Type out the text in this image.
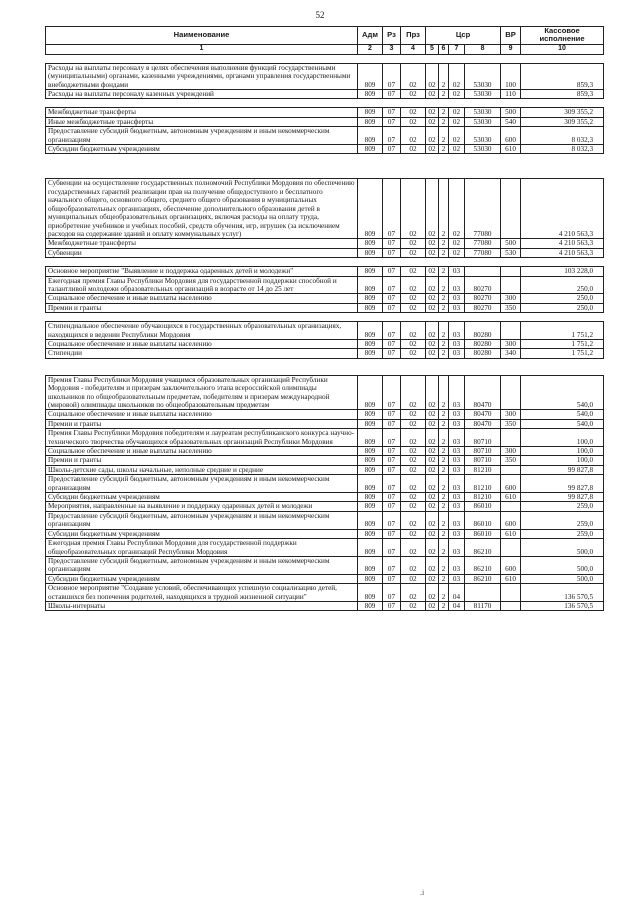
52
Наименование	Адм	Рз	Прз	Цср				ВР	Кассовое исполнение
1	2	3	4	5	6	7	8	9	10

Расходы на выплаты персоналу в целях обеспечения выполнения функций государственными (муниципальными) органами, казенными учреждениями, органами управления государственными внебюджетными фондами	809	07	02	02	2	02	53030	100	859,3
Расходы на выплаты персоналу казенных учреждений	809	07	02	02	2	02	53030	110	859,3

Межбюджетные трансферты	809	07	02	02	2	02	53030	500	309 355,2
Иные межбюджетные трансферты	809	07	02	02	2	02	53030	540	309 355,2
Предоставление субсидий бюджетным, автономным учреждениям и иным некоммерческим организациям	809	07	02	02	2	02	53030	600	8 032,3
Субсидии бюджетным учреждениям	809	07	02	02	2	02	53030	610	8 032,3

Субвенции на осуществление государственных полномочий Республики Мордовия по обеспечению государственных гарантий реализации прав на получение общедоступного и бесплатного начального общего, основного общего, среднего общего образования в муниципальных общеобразовательных организациях, обеспечение дополнительного образования детей в муниципальных общеобразовательных организациях, включая расходы на оплату труда, приобретение учебников и учебных пособий, средств обучения, игр, игрушек (за исключением расходов на содержание зданий и оплату коммунальных услуг)	809	07	02	02	2	02	77080		4 210 563,3
Межбюджетные трансферты	809	07	02	02	2	02	77080	500	4 210 563,3
Субвенции	809	07	02	02	2	02	77080	530	4 210 563,3

Основное мероприятие "Выявление и поддержка одаренных детей и молодежи"	809	07	02	02	2	03			103 228,0
Ежегодная премия Главы Республики Мордовия для государственной поддержки способной и талантливой молодежи образовательных организаций в возрасте от 14 до 25 лет	809	07	02	02	2	03	80270		250,0
Социальное обеспечение и иные выплаты населению	809	07	02	02	2	03	80270	300	250,0
Премии и гранты	809	07	02	02	2	03	80270	350	250,0

Стипендиальное обеспечение обучающихся в государственных образовательных организациях, находящихся в ведении Республики Мордовия	809	07	02	02	2	03	80280		1 751,2
Социальное обеспечение и иные выплаты населению	809	07	02	02	2	03	80280	300	1 751,2
Стипендии	809	07	02	02	2	03	80280	340	1 751,2

Премия Главы Республики Мордовия учащимся образовательных организаций Республики Мордовия - победителям и призерам заключительного этапа всероссийской олимпиады школьников по общеобразовательным предметам, победителям и призерам международной (мировой) олимпиады школьников по общеобразовательным предметам	809	07	02	02	2	03	80470		540,0
Социальное обеспечение и иные выплаты населению	809	07	02	02	2	03	80470	300	540,0
Премии и гранты	809	07	02	02	2	03	80470	350	540,0
Премия Главы Республики Мордовия победителям и лауреатам республиканского конкурса научно-технического творчества обучающихся образовательных организаций Республики Мордовия	809	07	02	02	2	03	80710		100,0
Социальное обеспечение и иные выплаты населению	809	07	02	02	2	03	80710	300	100,0
Премии и гранты	809	07	02	02	2	03	80710	350	100,0
Школы-детские сады, школы начальные, неполные средние и средние	809	07	02	02	2	03	81210		99 827,8
Предоставление субсидий бюджетным, автономным учреждениям и иным некоммерческим организациям	809	07	02	02	2	03	81210	600	99 827,8
Субсидии бюджетным учреждениям	809	07	02	02	2	03	81210	610	99 827,8
Мероприятия, направленные на выявление и поддержку одаренных детей и молодежи	809	07	02	02	2	03	86010		259,0
Предоставление субсидий бюджетным, автономным учреждениям и иным некоммерческим организациям	809	07	02	02	2	03	86010	600	259,0
Субсидии бюджетным учреждениям	809	07	02	02	2	03	86010	610	259,0
Ежегодная премия Главы Республики Мордовия для государственной поддержки общеобразовательных организаций Республики Мордовия	809	07	02	02	2	03	86210		500,0
Предоставление субсидий бюджетным, автономным учреждениям и иным некоммерческим организациям	809	07	02	02	2	03	86210	600	500,0
Субсидии бюджетным учреждениям	809	07	02	02	2	03	86210	610	500,0
Основное мероприятие "Создание условий, обеспечивающих успешную социализацию детей, оставшихся без попечения родителей, находящихся в трудной жизненной ситуации"	809	07	02	02	2	04			136 570,5
Школы-интернаты	809	07	02	02	2	04	81170		136 570,5
.i
